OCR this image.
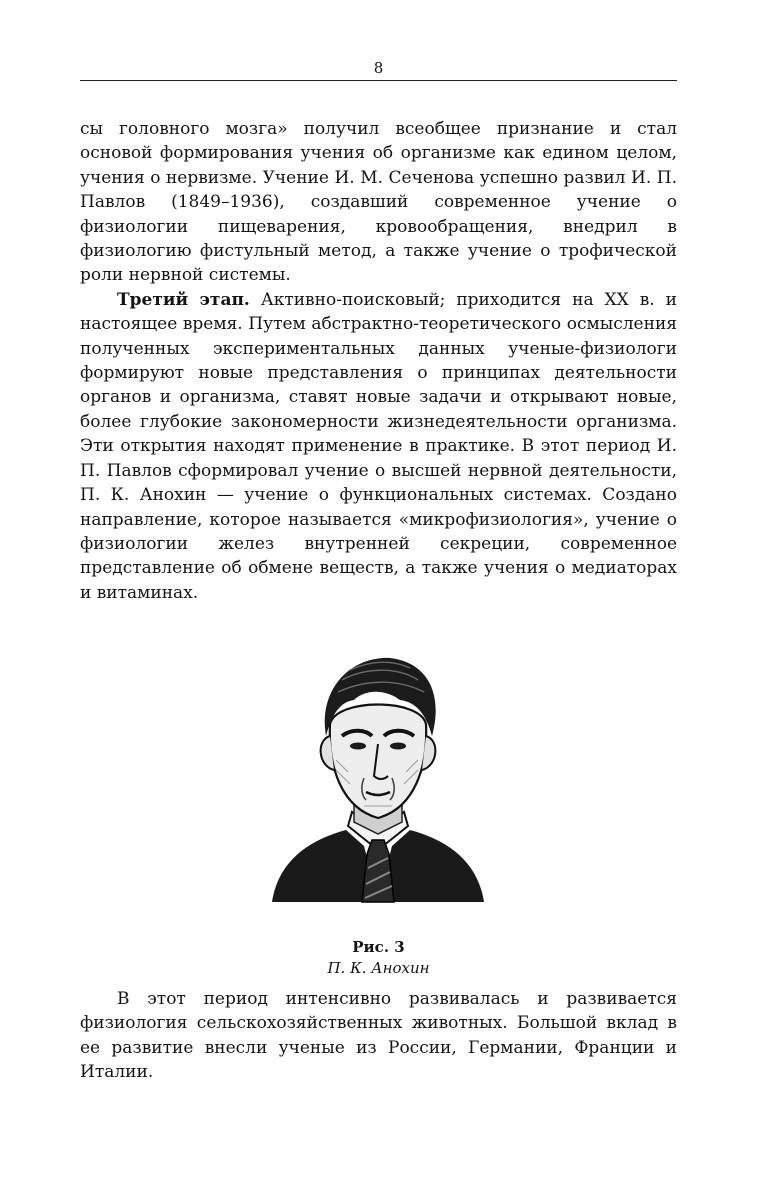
8

сы головного мозга» получил всеобщее признание и стал основой формирования учения об организме как едином целом, учения о нервизме. Учение И. М. Сеченова успешно развил И. П. Павлов (1849–1936), создавший современное учение о физиологии пищеварения, кровообращения, внедрил в физиологию фистульный метод, а также учение о трофической роли нервной системы.

Третий этап. Активно-поисковый; приходится на XX в. и настоящее время. Путем абстрактно-теоретического осмысления полученных экспериментальных данных ученые-физиологи формируют новые представления о принципах деятельности органов и организма, ставят новые задачи и открывают новые, более глубокие закономерности жизнедеятельности организма. Эти открытия находят применение в практике. В этот период И. П. Павлов сформировал учение о высшей нервной деятельности, П. К. Анохин — учение о функциональных системах. Создано направление, которое называется «микрофизиология», учение о физиологии желез внутренней секреции, современное представление об обмене веществ, а также учения о медиаторах и витаминах.

Рис. 3
П. К. Анохин

В этот период интенсивно развивалась и развивается физиология сельскохозяйственных животных. Большой вклад в ее развитие внесли ученые из России, Германии, Франции и Италии.
